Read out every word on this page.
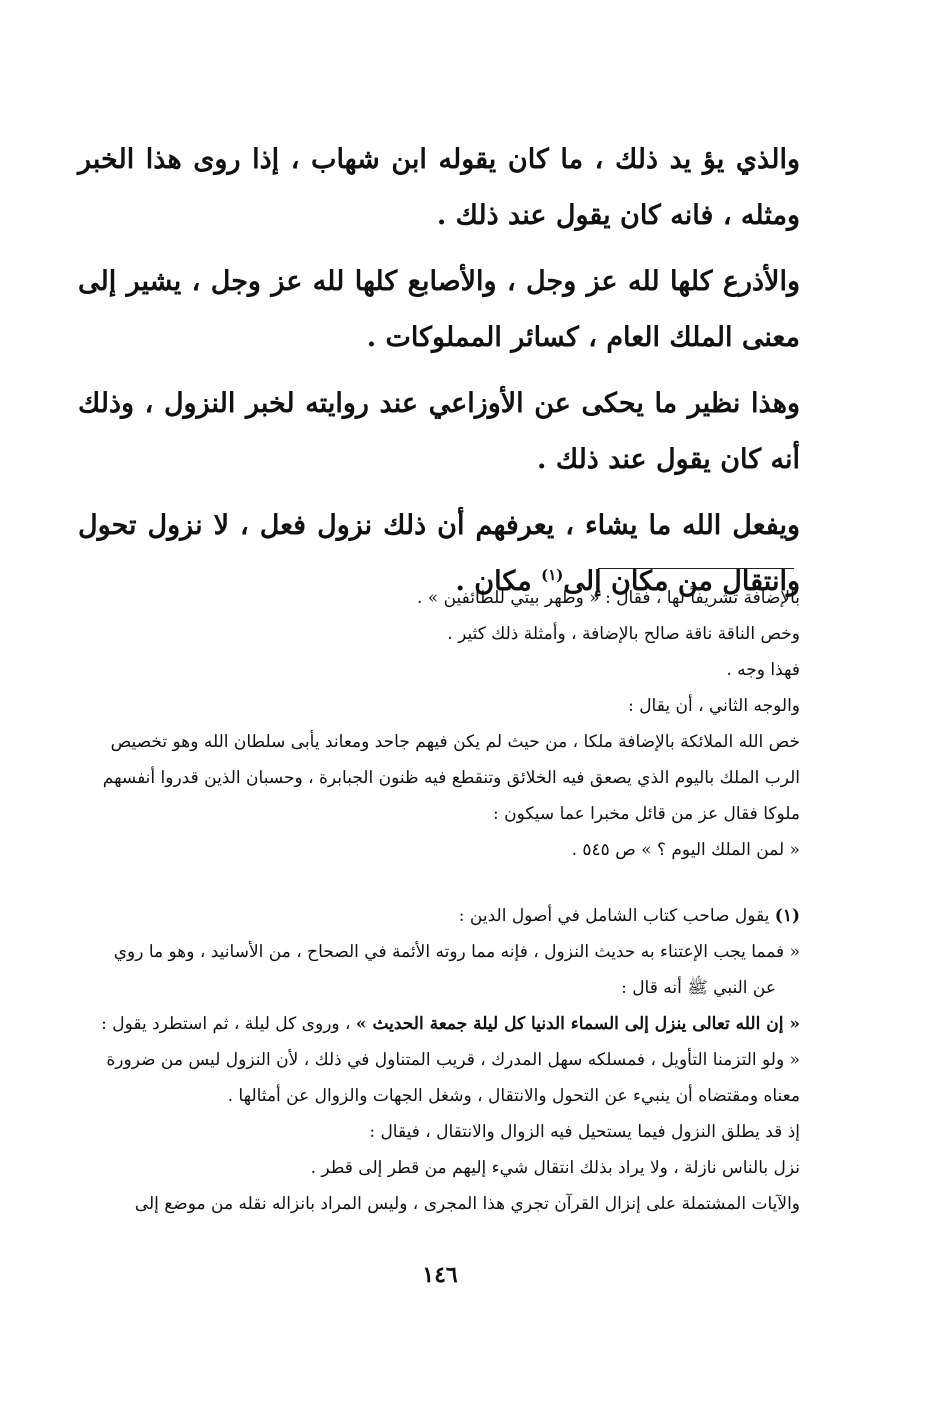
والذي يؤ يد ذلك ، ما كان يقوله ابن شهاب ، إذا روى هذا الخبر ومثله ، فانه كان يقول عند ذلك .

والأذرع كلها لله عز وجل ، والأصابع كلها لله عز وجل ، يشير إلى معنى الملك العام ، كسائر المملوكات .

وهذا نظير ما يحكى عن الأوزاعي عند روايته لخبر النزول ، وذلك أنه كان يقول عند ذلك .

ويفعل الله ما يشاء ، يعرفهم أن ذلك نزول فعل ، لا نزول تحول وانتقال من مكان إلى$^{(١)}$ مكان .

بالإضافة تشريفاً لها ، فقال : « وطهر بيتي للطائفين » .

وخص الناقة ناقة صالح بالإضافة ، وأمثلة ذلك كثير .

فهذا وجه .

والوجه الثاني ، أن يقال :

خص الله الملائكة بالإضافة ملكا ، من حيث لم يكن فيهم جاحد ومعاند يأبى سلطان الله وهو تخصيص

الرب الملك باليوم الذي يصعق فيه الخلائق وتنقطع فيه ظنون الجبابرة ، وحسبان الذين قدروا أنفسهم

ملوكا فقال عز من قائل مخبرا عما سيكون :

« لمن الملك اليوم ؟ » ص ٥٤٥ .

(١) يقول صاحب كتاب الشامل في أصول الدين :

« فمما يجب الإعتناء به حديث النزول ، فإنه مما روته الأئمة في الصحاح ، من الأسانيد ، وهو ما روي

عن النبي ﷺ أنه قال :

« إن الله تعالى ينزل إلى السماء الدنيا كل ليلة جمعة الحديث » ، وروى كل ليلة ، ثم استطرد يقول :

« ولو التزمنا التأويل ، فمسلكه سهل المدرك ، قريب المتناول في ذلك ، لأن النزول ليس من ضرورة

معناه ومقتضاه أن ينبيء عن التحول والانتقال ، وشغل الجهات والزوال عن أمثالها .

إذ قد يطلق النزول فيما يستحيل فيه الزوال والانتقال ، فيقال :

نزل بالناس نازلة ، ولا يراد بذلك انتقال شيء إليهم من قطر إلى قطر .

والآيات المشتملة على إنزال القرآن تجري هذا المجرى ، وليس المراد بانزاله نقله من موضع إلى

١٤٦
